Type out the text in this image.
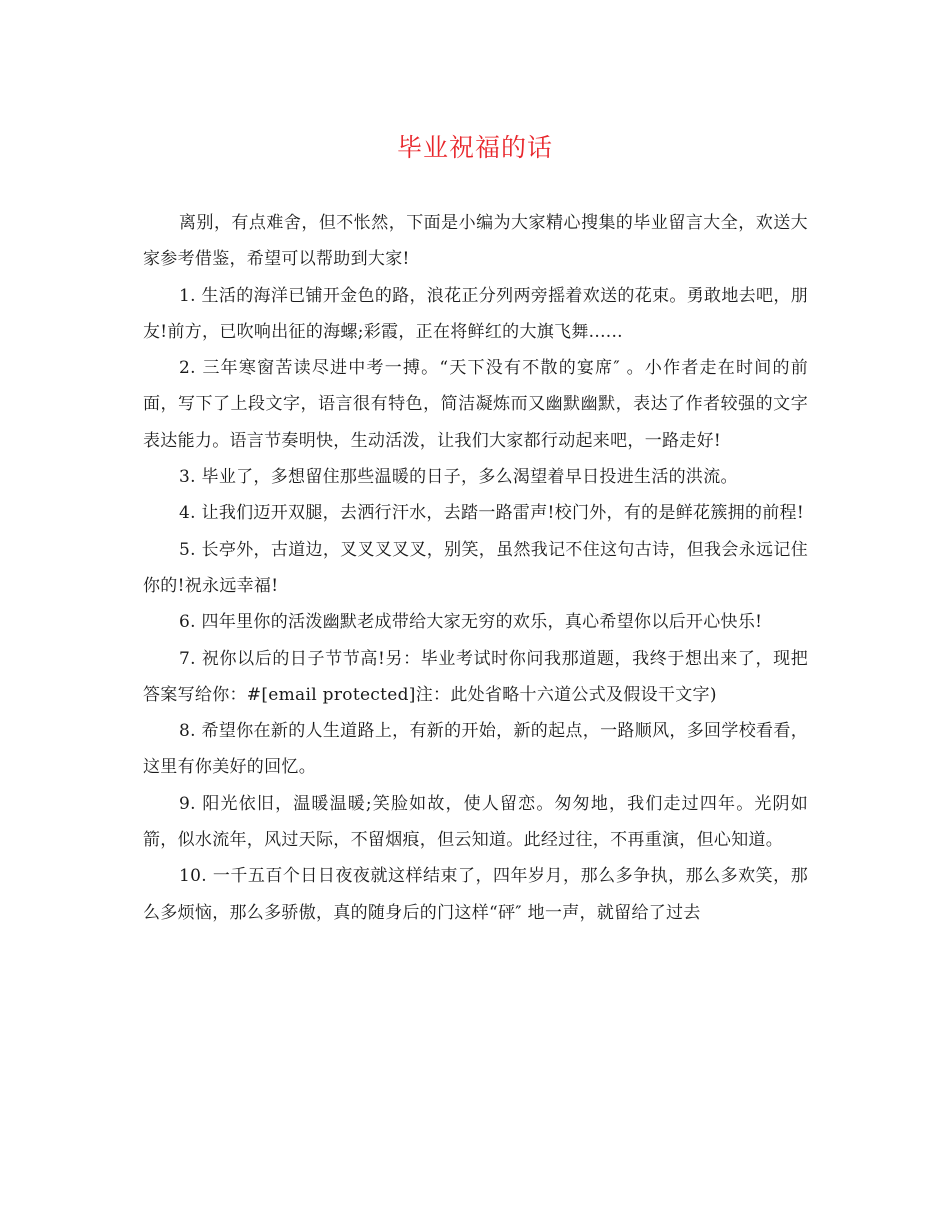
毕业祝福的话

离别，有点难舍，但不怅然，下面是小编为大家精心搜集的毕业留言大全，欢送大家参考借鉴，希望可以帮助到大家!

1. 生活的海洋已铺开金色的路，浪花正分列两旁摇着欢送的花束。勇敢地去吧，朋友!前方，已吹响出征的海螺;彩霞，正在将鲜红的大旗飞舞......

2. 三年寒窗苦读尽进中考一搏。“天下没有不散的宴席″ 。小作者走在时间的前面，写下了上段文字，语言很有特色，简洁凝炼而又幽默幽默，表达了作者较强的文字表达能力。语言节奏明快，生动活泼，让我们大家都行动起来吧，一路走好!

3. 毕业了，多想留住那些温暖的日子，多么渴望着早日投进生活的洪流。

4. 让我们迈开双腿，去洒行汗水，去踏一路雷声!校门外，有的是鲜花簇拥的前程!

5. 长亭外，古道边，叉叉叉叉叉，别笑，虽然我记不住这句古诗，但我会永远记住你的!祝永远幸福!

6. 四年里你的活泼幽默老成带给大家无穷的欢乐，真心希望你以后开心快乐!

7. 祝你以后的日子节节高!另：毕业考试时你问我那道题，我终于想出来了，现把答案写给你：#[email protected]注：此处省略十六道公式及假设干文字)

8. 希望你在新的人生道路上，有新的开始，新的起点，一路顺风，多回学校看看，这里有你美好的回忆。

9. 阳光依旧，温暖温暖;笑脸如故，使人留恋。匆匆地，我们走过四年。光阴如箭，似水流年，风过天际，不留烟痕，但云知道。此经过往，不再重演，但心知道。

10. 一千五百个日日夜夜就这样结束了，四年岁月，那么多争执，那么多欢笑，那么多烦恼，那么多骄傲，真的随身后的门这样“砰″ 地一声，就留给了过去
